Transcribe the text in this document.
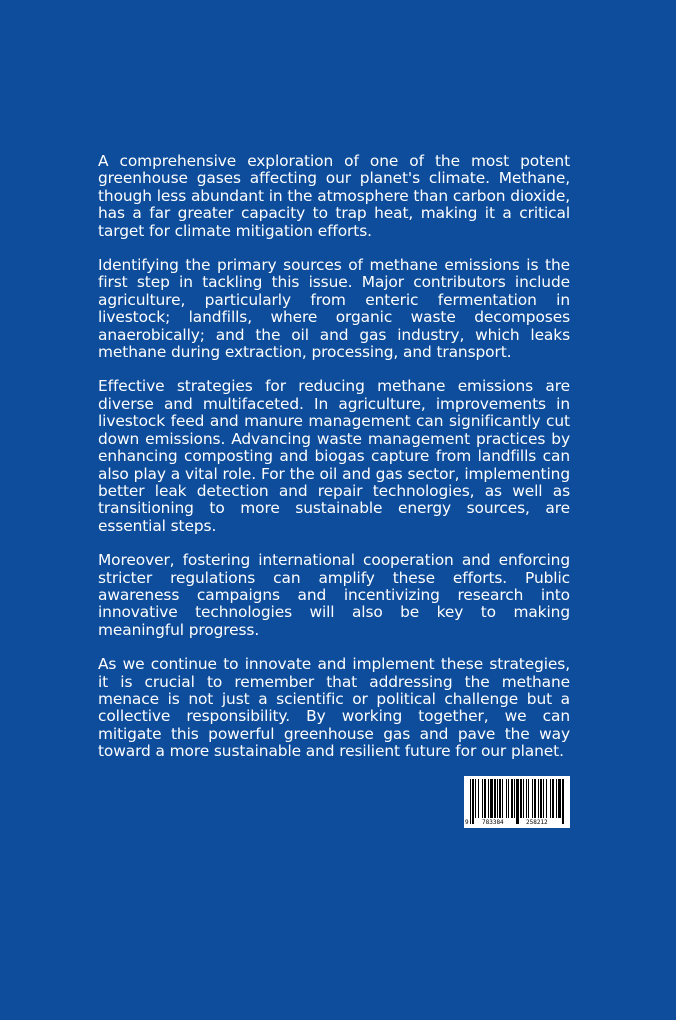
A comprehensive exploration of one of the most potent greenhouse gases affecting our planet's climate. Methane, though less abundant in the atmosphere than carbon dioxide, has a far greater capacity to trap heat, making it a critical target for climate mitigation efforts.

Identifying the primary sources of methane emissions is the first step in tackling this issue. Major contributors include agriculture, particularly from enteric fermentation in livestock; landfills, where organic waste decomposes anaerobically; and the oil and gas industry, which leaks methane during extraction, processing, and transport.

Effective strategies for reducing methane emissions are diverse and multifaceted. In agriculture, improvements in livestock feed and manure management can significantly cut down emissions. Advancing waste management practices by enhancing composting and biogas capture from landfills can also play a vital role. For the oil and gas sector, implementing better leak detection and repair technologies, as well as transitioning to more sustainable energy sources, are essential steps.

Moreover, fostering international cooperation and enforcing stricter regulations can amplify these efforts. Public awareness campaigns and incentivizing research into innovative technologies will also be key to making meaningful progress.

As we continue to innovate and implement these strategies, it is crucial to remember that addressing the methane menace is not just a scientific or political challenge but a collective responsibility. By working together, we can mitigate this powerful greenhouse gas and pave the way toward a more sustainable and resilient future for our planet.

9 783384	258212
